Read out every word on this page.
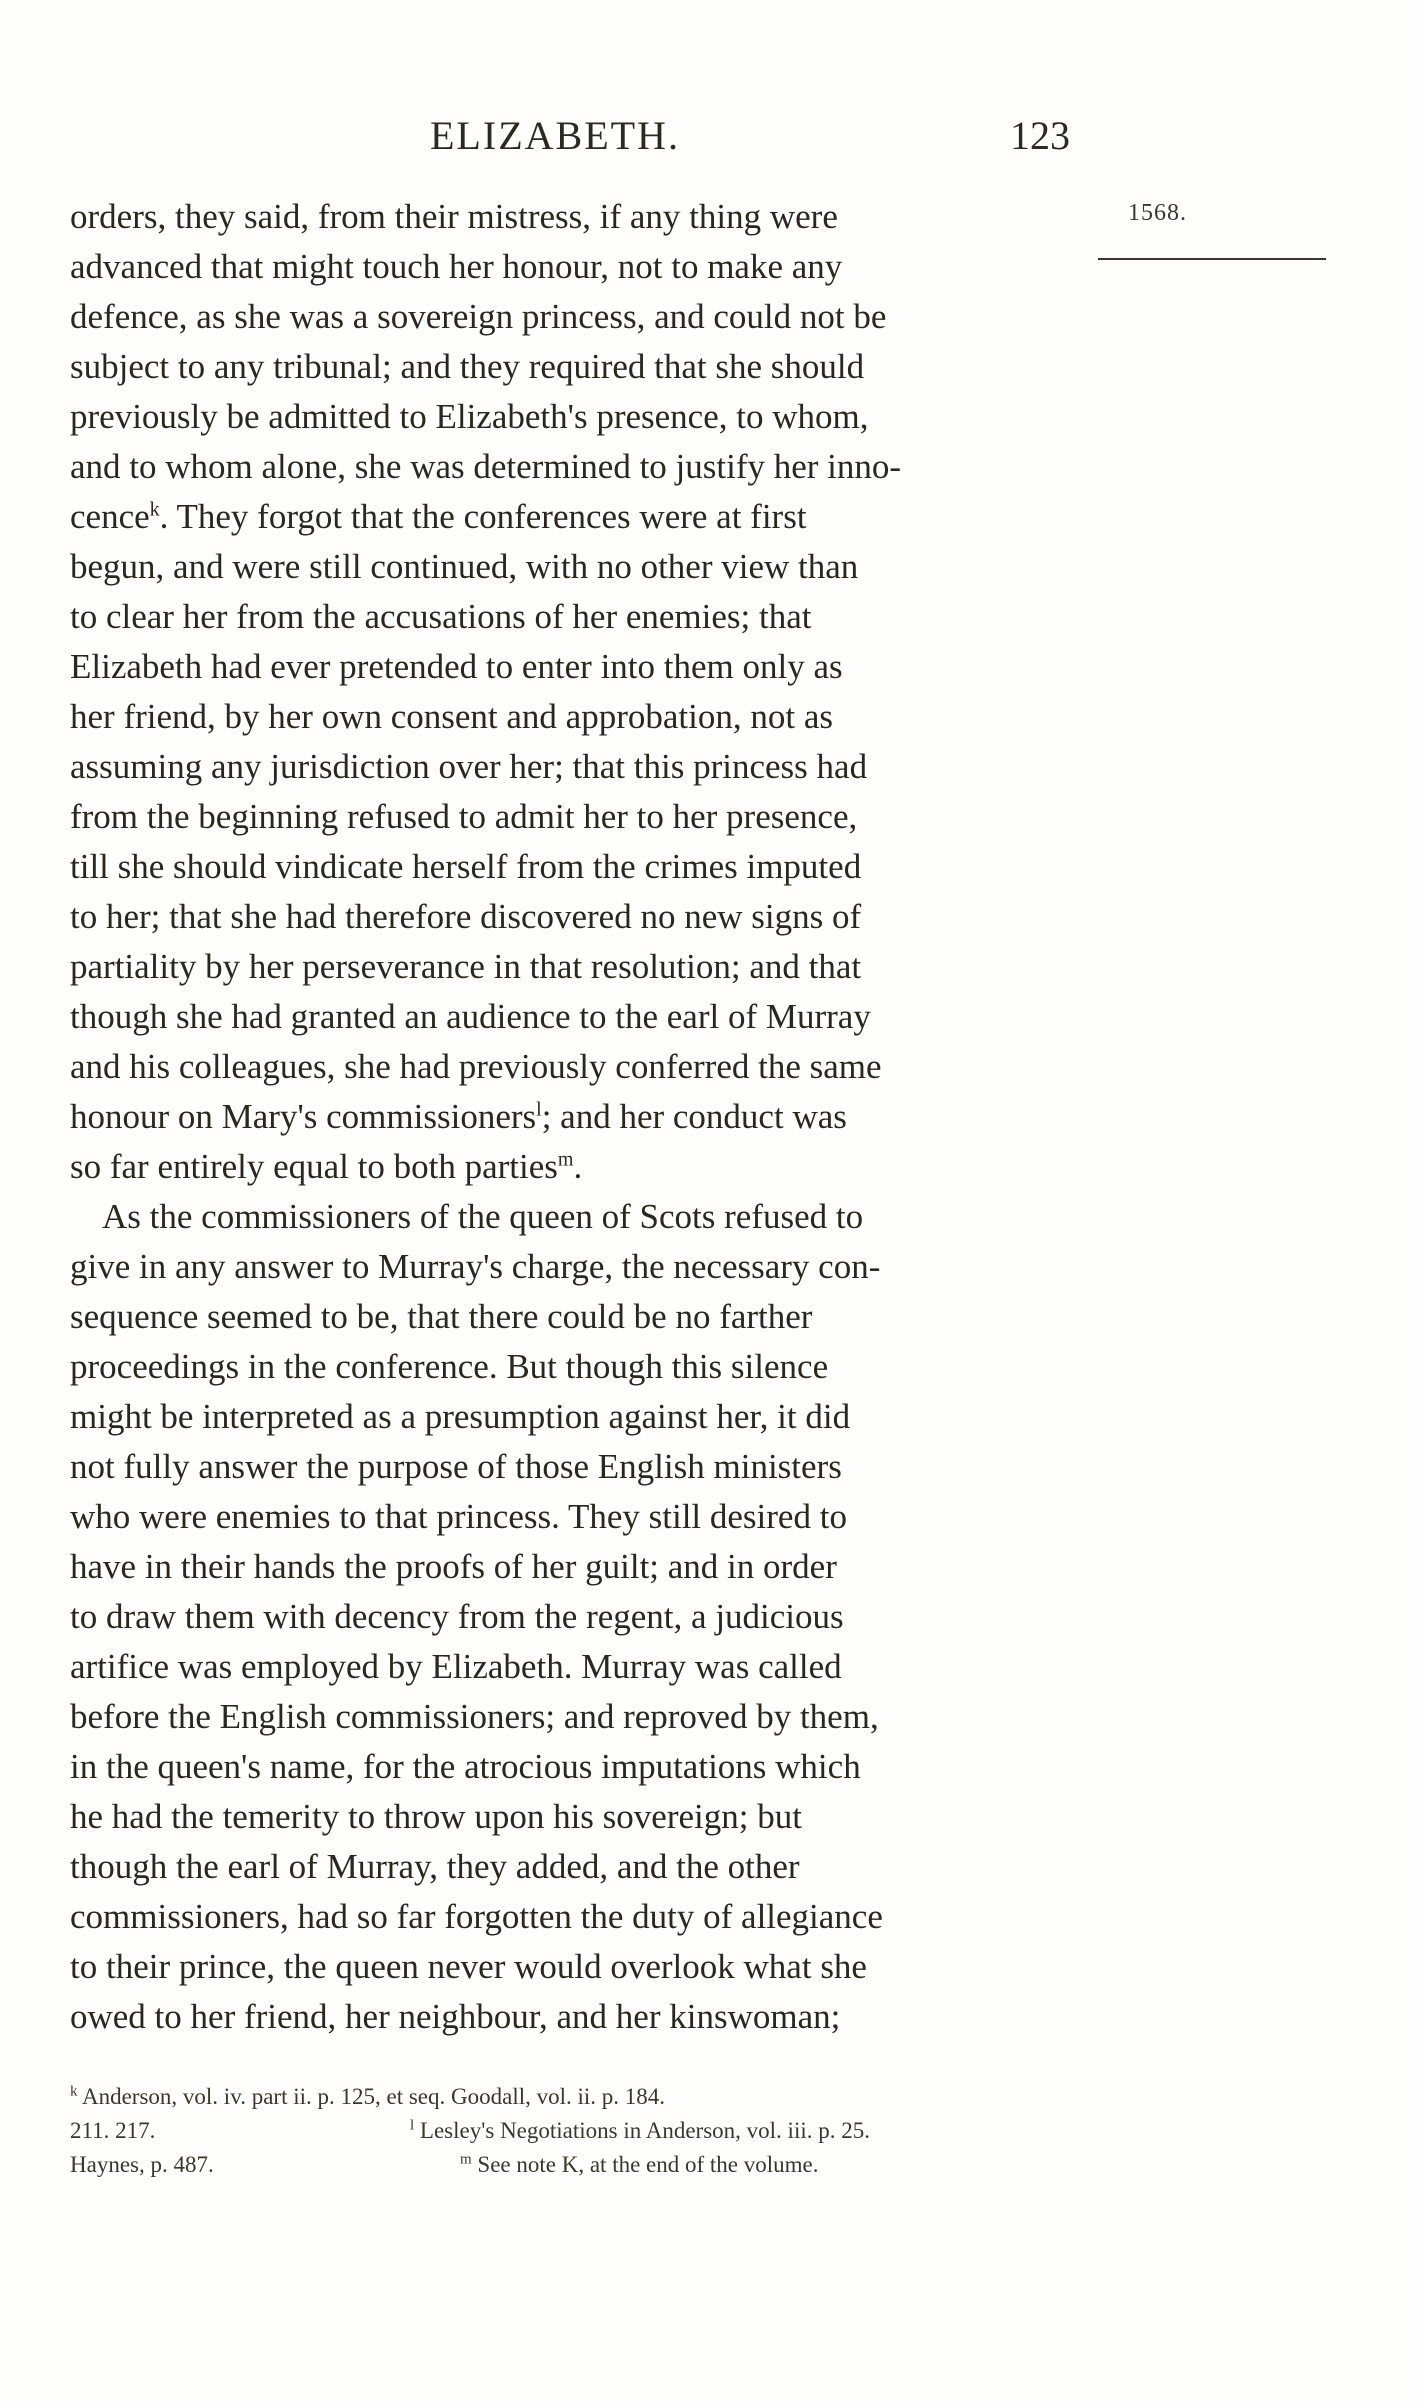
ELIZABETH.	123
1568.
orders, they said, from their mistress, if any thing were
advanced that might touch her honour, not to make any
defence, as she was a sovereign princess, and could not be
subject to any tribunal; and they required that she should
previously be admitted to Elizabeth's presence, to whom,
and to whom alone, she was determined to justify her inno-
cence$^k$. They forgot that the conferences were at first
begun, and were still continued, with no other view than
to clear her from the accusations of her enemies; that
Elizabeth had ever pretended to enter into them only as
her friend, by her own consent and approbation, not as
assuming any jurisdiction over her; that this princess had
from the beginning refused to admit her to her presence,
till she should vindicate herself from the crimes imputed
to her; that she had therefore discovered no new signs of
partiality by her perseverance in that resolution; and that
though she had granted an audience to the earl of Murray
and his colleagues, she had previously conferred the same
honour on Mary's commissioners$^l$; and her conduct was
so far entirely equal to both parties$^m$.
As the commissioners of the queen of Scots refused to
give in any answer to Murray's charge, the necessary con-
sequence seemed to be, that there could be no farther
proceedings in the conference. But though this silence
might be interpreted as a presumption against her, it did
not fully answer the purpose of those English ministers
who were enemies to that princess. They still desired to
have in their hands the proofs of her guilt; and in order
to draw them with decency from the regent, a judicious
artifice was employed by Elizabeth. Murray was called
before the English commissioners; and reproved by them,
in the queen's name, for the atrocious imputations which
he had the temerity to throw upon his sovereign; but
though the earl of Murray, they added, and the other
commissioners, had so far forgotten the duty of allegiance
to their prince, the queen never would overlook what she
owed to her friend, her neighbour, and her kinswoman;
$^k$ Anderson, vol. iv. part ii. p. 125, et seq. Goodall, vol. ii. p. 184.
211. 217.	$^l$ Lesley's Negotiations in Anderson, vol. iii. p. 25.
Haynes, p. 487.	$^m$ See note K, at the end of the volume.
